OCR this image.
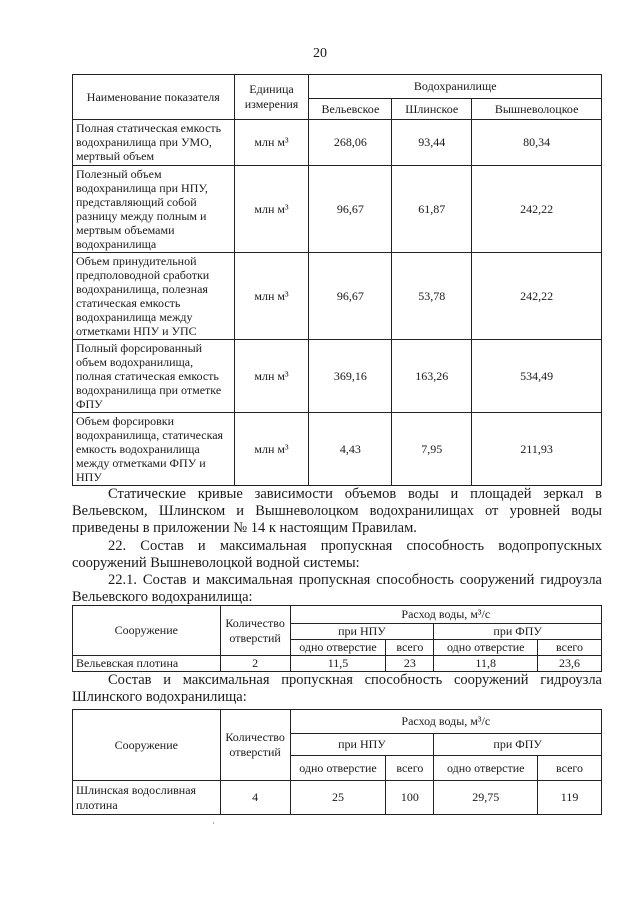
20
Наименование показателя	Единица измерения	Водохранилище		
		Вельевское	Шлинское	Вышневолоцкое
Полная статическая емкость водохранилища при УМО, мертвый объем	млн м³	268,06	93,44	80,34
Полезный объем водохранилища при НПУ, представляющий собой разницу между полным и мертвым объемами водохранилища	млн м³	96,67	61,87	242,22
Объем принудительной предполоводной сработки водохранилища, полезная статическая емкость водохранилища между отметками НПУ и УПС	млн м³	96,67	53,78	242,22
Полный форсированный объем водохранилища, полная статическая емкость водохранилища при отметке ФПУ	млн м³	369,16	163,26	534,49
Объем форсировки водохранилища, статическая емкость водохранилища между отметками ФПУ и НПУ	млн м³	4,43	7,95	211,93
Статические кривые зависимости объемов воды и площадей зеркал в Вельевском, Шлинском и Вышневолоцком водохранилищах от уровней воды приведены в приложении № 14 к настоящим Правилам.
22. Состав и максимальная пропускная способность водопропускных сооружений Вышневолоцкой водной системы:
22.1. Состав и максимальная пропускная способность сооружений гидроузла Вельевского водохранилища:
Сооружение	Количество отверстий	Расход воды, м³/с			
		при НПУ		при ФПУ	
		одно отверстие	всего	одно отверстие	всего
Вельевская плотина	2	11,5	23	11,8	23,6
Состав и максимальная пропускная способность сооружений гидроузла Шлинского водохранилища:
Сооружение	Количество отверстий	Расход воды, м³/с			
		при НПУ		при ФПУ	
		одно отверстие	всего	одно отверстие	всего
Шлинская водосливная плотина	4	25	100	29,75	119
